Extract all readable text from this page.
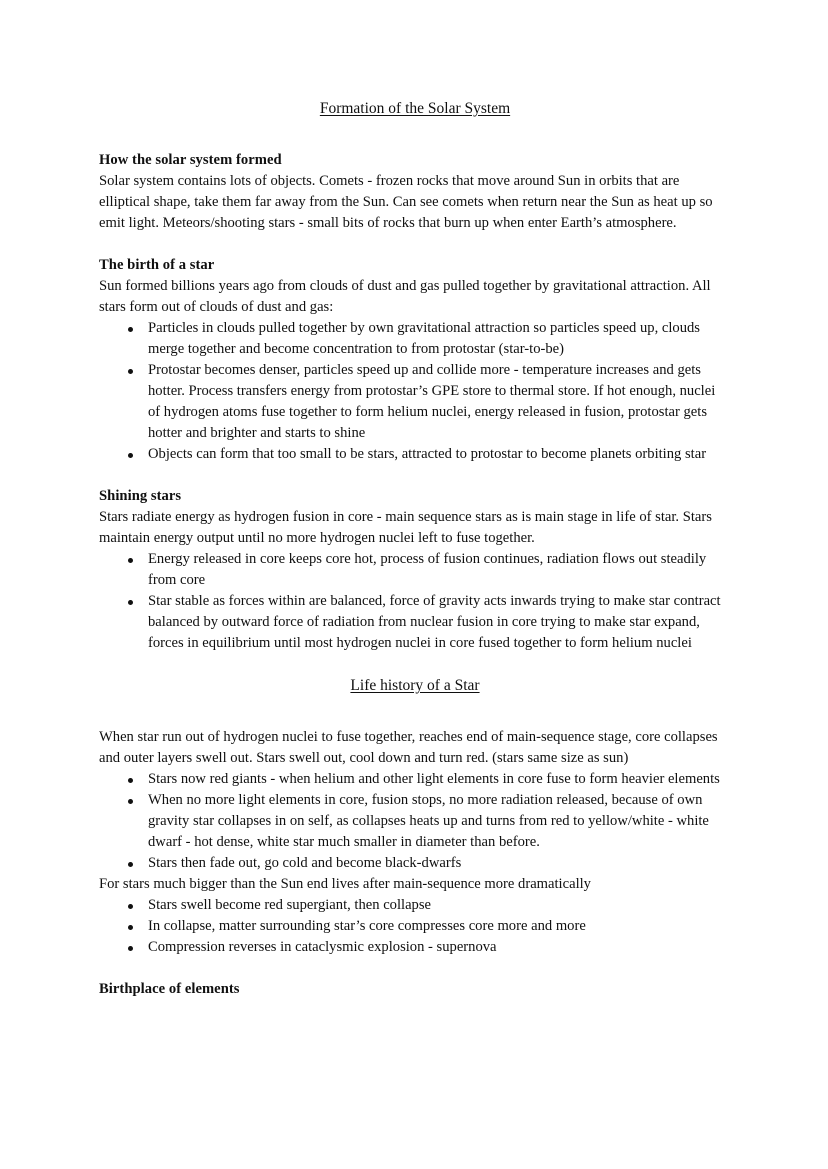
Formation of the Solar System
How the solar system formed

Solar system contains lots of objects. Comets - frozen rocks that move around Sun in orbits that are elliptical shape, take them far away from the Sun. Can see comets when return near the Sun as heat up so emit light. Meteors/shooting stars - small bits of rocks that burn up when enter Earth’s atmosphere.

The birth of a star

Sun formed billions years ago from clouds of dust and gas pulled together by gravitational attraction. All stars form out of clouds of dust and gas:

Particles in clouds pulled together by own gravitational attraction so particles speed up, clouds merge together and become concentration to from protostar (star-to-be)
Protostar becomes denser, particles speed up and collide more - temperature increases and gets hotter. Process transfers energy from protostar’s GPE store to thermal store. If hot enough, nuclei of hydrogen atoms fuse together to form helium nuclei, energy released in fusion, protostar gets hotter and brighter and starts to shine
Objects can form that too small to be stars, attracted to protostar to become planets orbiting star
Shining stars

Stars radiate energy as hydrogen fusion in core - main sequence stars as is main stage in life of star. Stars maintain energy output until no more hydrogen nuclei left to fuse together.

Energy released in core keeps core hot, process of fusion continues, radiation flows out steadily from core
Star stable as forces within are balanced, force of gravity acts inwards trying to make star contract balanced by outward force of radiation from nuclear fusion in core trying to make star expand, forces in equilibrium until most hydrogen nuclei in core fused together to form helium nuclei
Life history of a Star

When star run out of hydrogen nuclei to fuse together, reaches end of main-sequence stage, core collapses and outer layers swell out. Stars swell out, cool down and turn red. (stars same size as sun)

Stars now red giants - when helium and other light elements in core fuse to form heavier elements
When no more light elements in core, fusion stops, no more radiation released, because of own gravity star collapses in on self, as collapses heats up and turns from red to yellow/white - white dwarf - hot dense, white star much smaller in diameter than before.
Stars then fade out, go cold and become black-dwarfs

For stars much bigger than the Sun end lives after main-sequence more dramatically

Stars swell become red supergiant, then collapse
In collapse, matter surrounding star’s core compresses core more and more
Compression reverses in cataclysmic explosion - supernova
Birthplace of elements
